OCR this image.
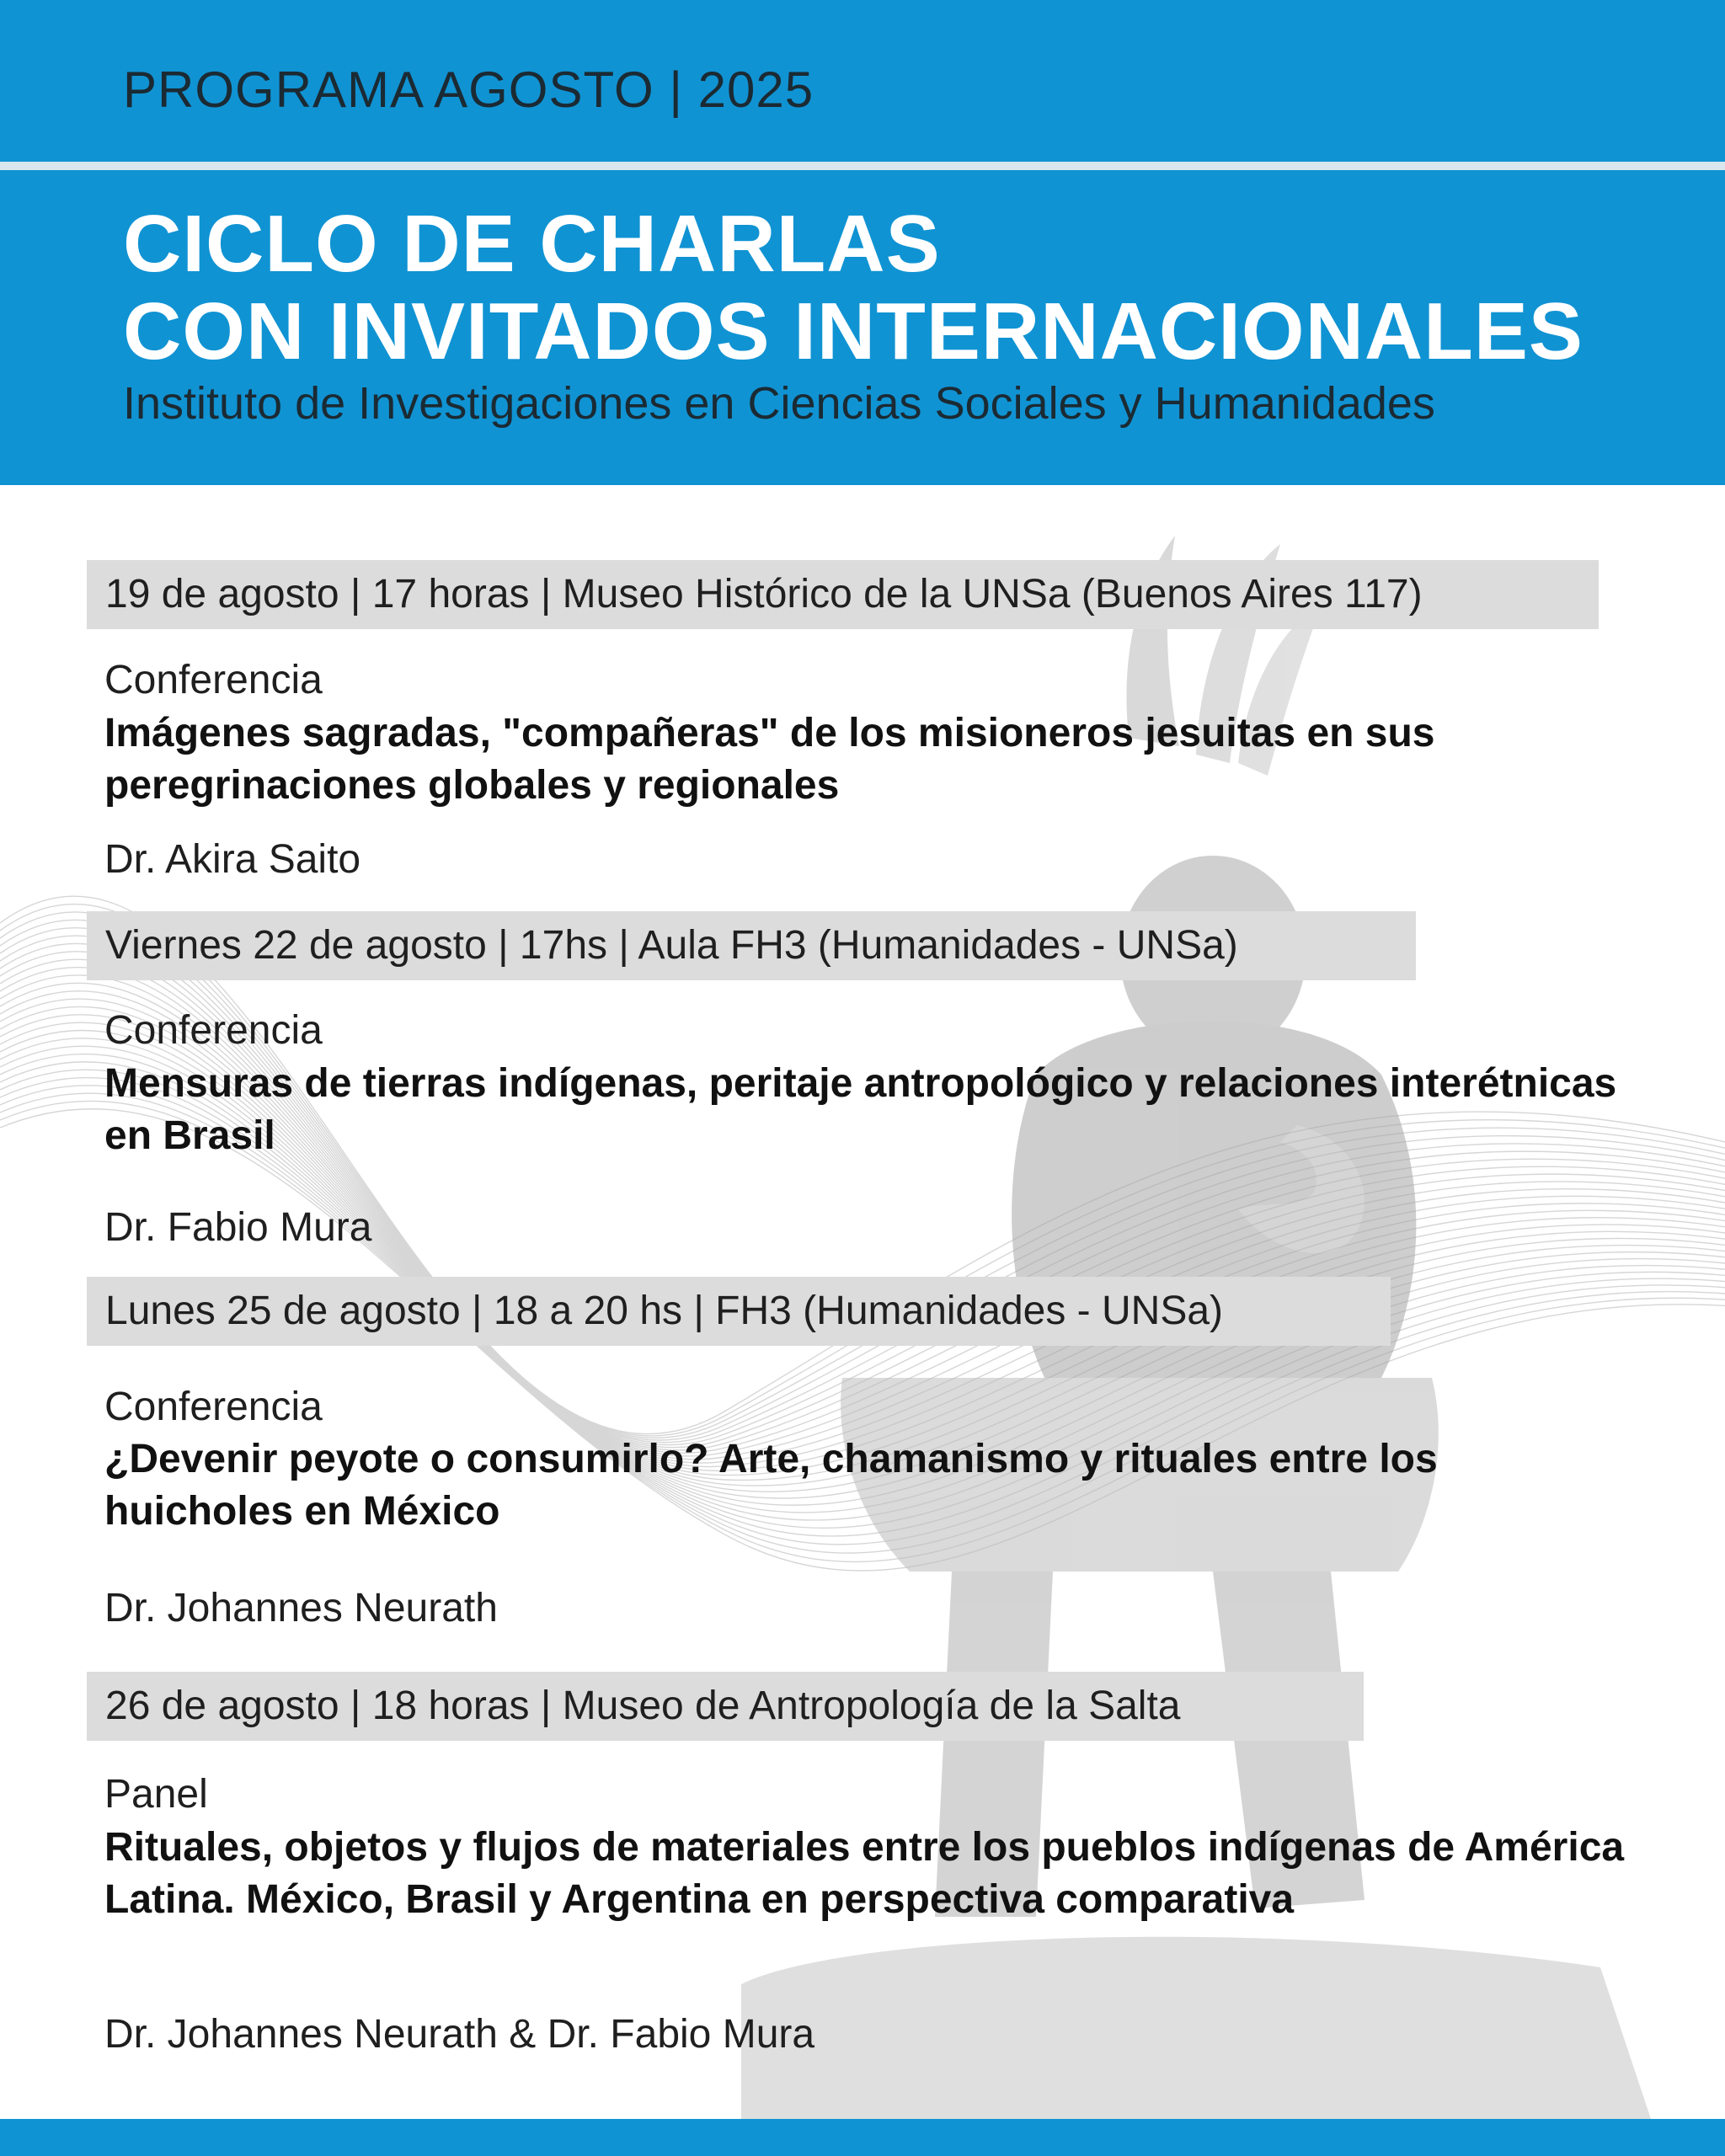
PROGRAMA AGOSTO | 2025
CICLO DE CHARLAS
CON INVITADOS INTERNACIONALES
Instituto de Investigaciones en Ciencias Sociales y Humanidades
19 de agosto | 17 horas | Museo Histórico de la UNSa (Buenos Aires 117)
Conferencia
Imágenes sagradas, "compañeras" de los misioneros jesuitas en sus peregrinaciones globales y regionales
Dr. Akira Saito
Viernes 22 de agosto | 17hs | Aula FH3 (Humanidades - UNSa)
Conferencia
Mensuras de tierras indígenas, peritaje antropológico y relaciones interétnicas en Brasil
Dr. Fabio Mura
Lunes 25 de agosto | 18 a 20 hs | FH3 (Humanidades - UNSa)
Conferencia
¿Devenir peyote o consumirlo? Arte, chamanismo y rituales entre los huicholes en México
Dr. Johannes Neurath
26 de agosto | 18 horas | Museo de Antropología de la Salta
Panel
Rituales, objetos y flujos de materiales entre los pueblos indígenas de América Latina. México, Brasil y Argentina en perspectiva comparativa
Dr. Johannes Neurath & Dr. Fabio Mura
